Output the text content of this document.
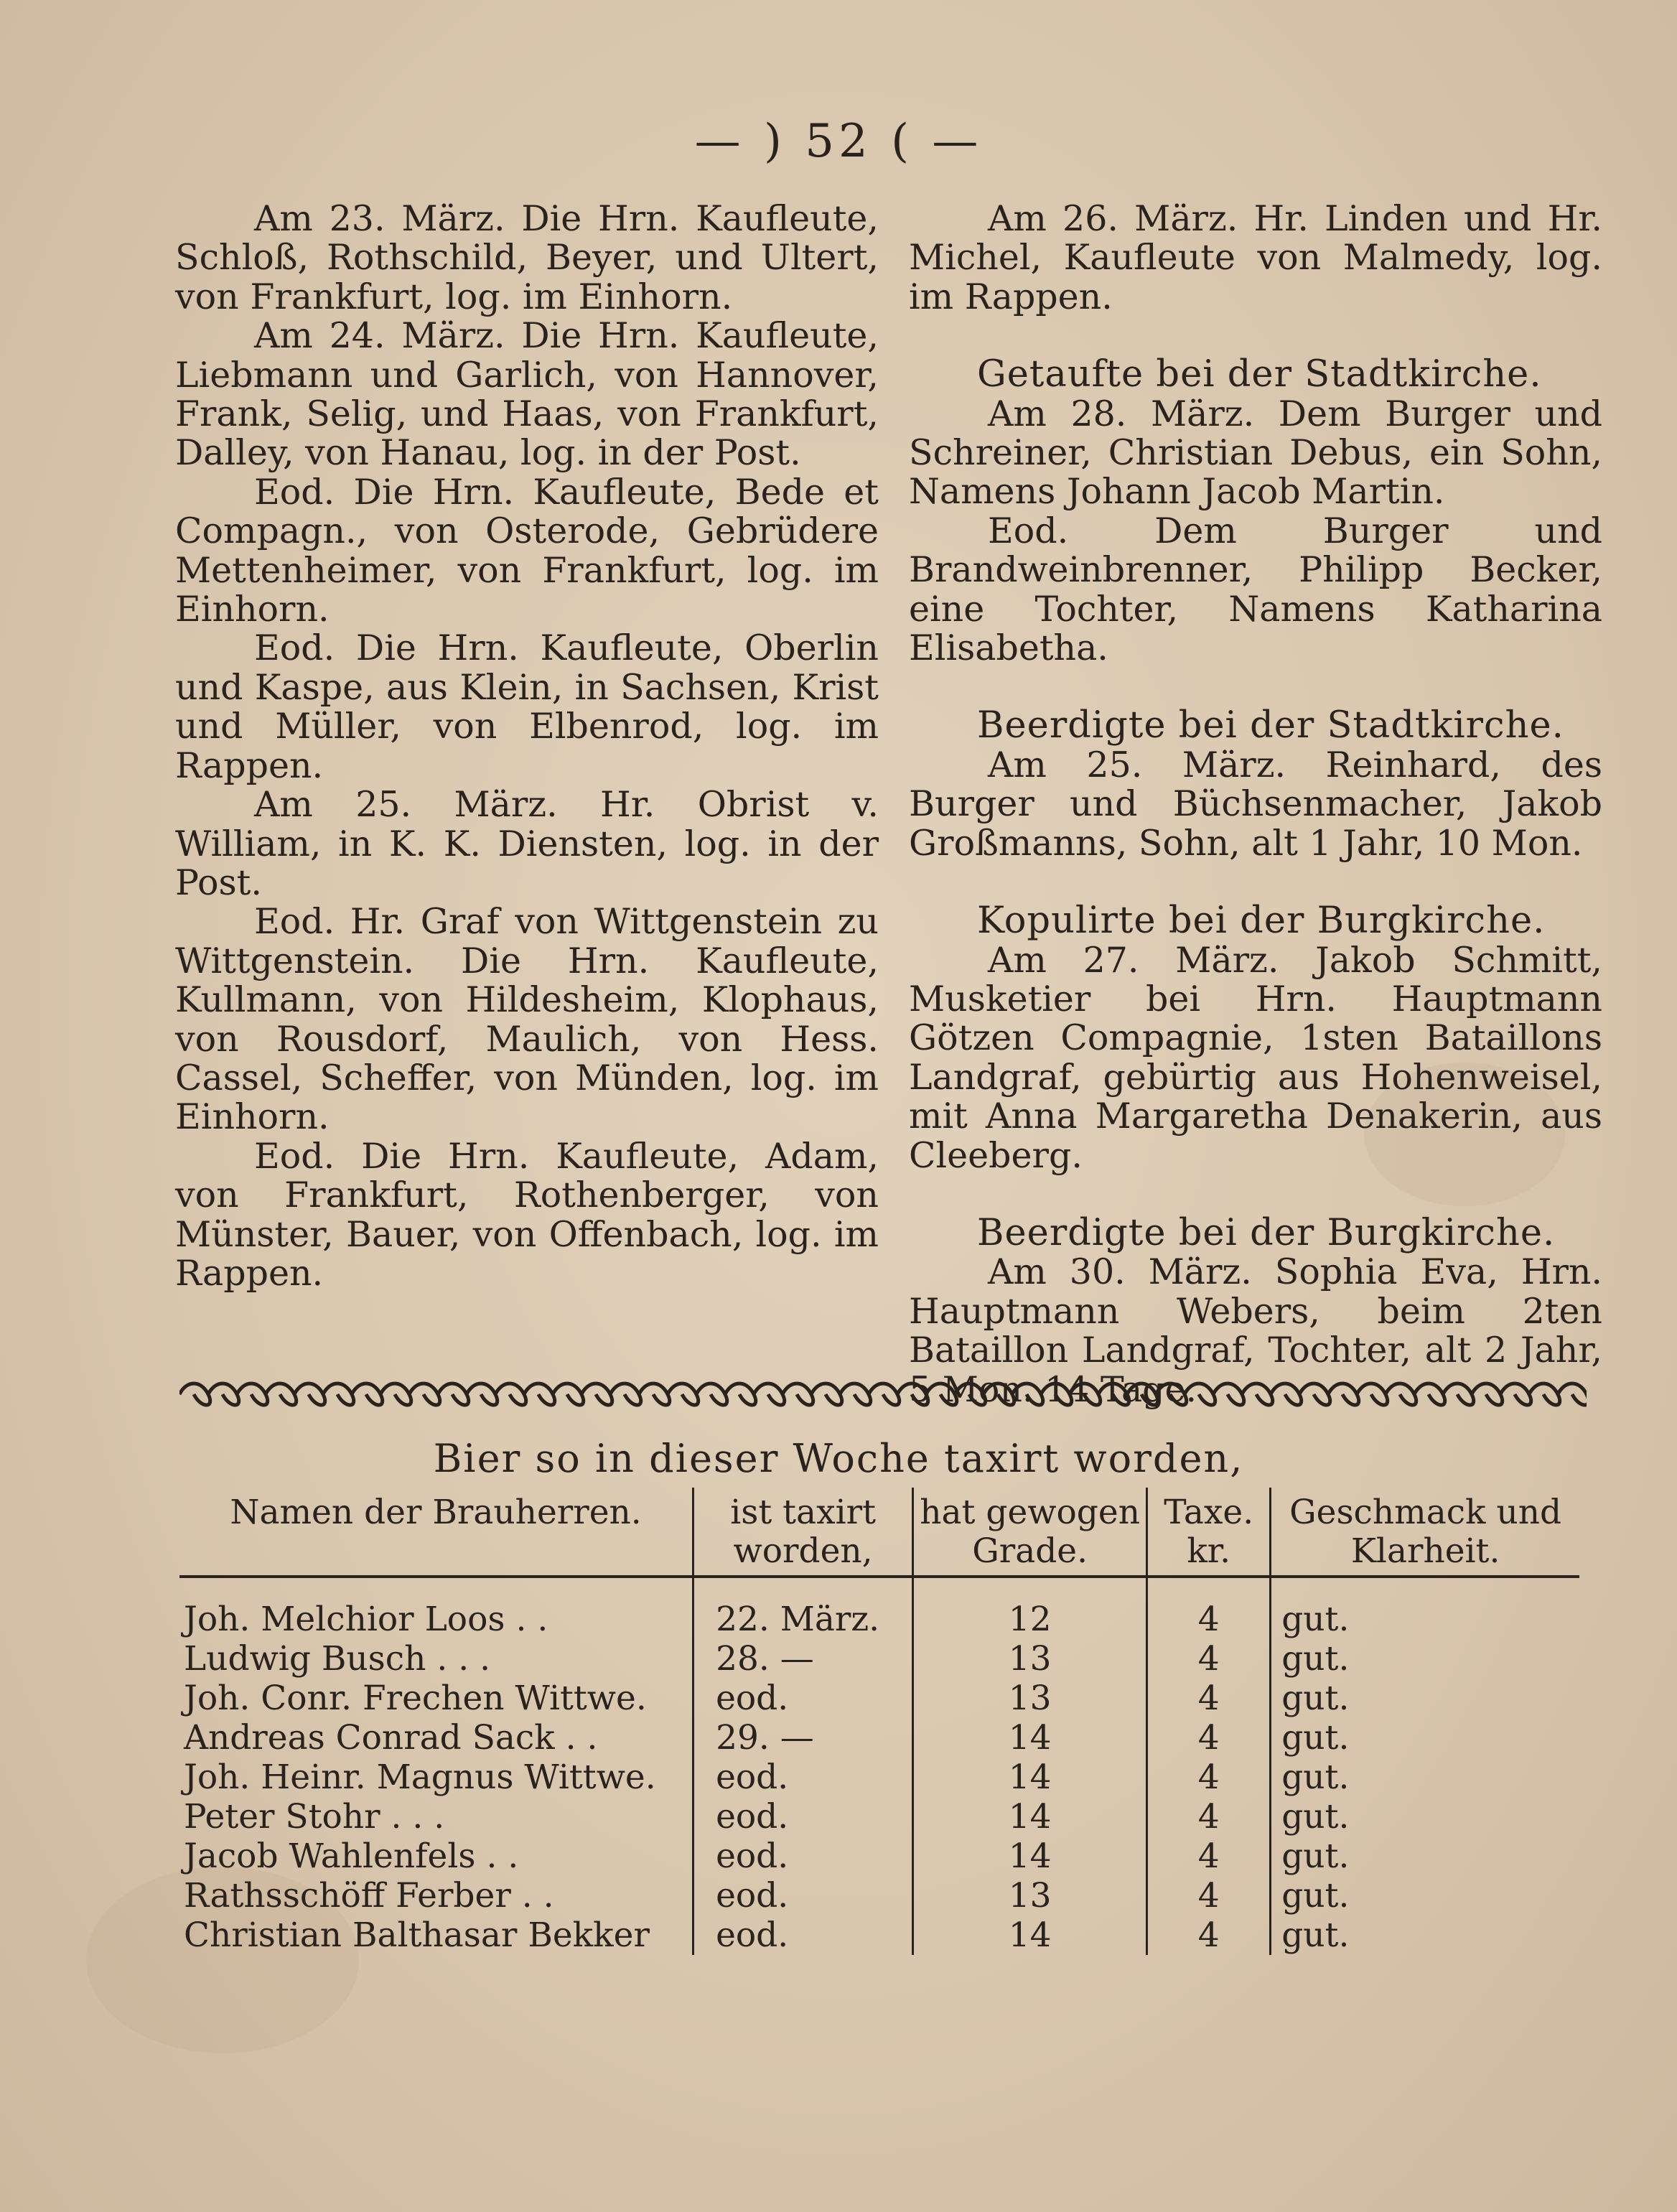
— ) 52 ( —

Am 23. März. Die Hrn. Kaufleute, Schloß, Rothschild, Beyer, und Ultert, von Frankfurt, log. im Einhorn.

Am 24. März. Die Hrn. Kaufleute, Liebmann und Garlich, von Hannover, Frank, Selig, und Haas, von Frankfurt, Dalley, von Hanau, log. in der Post.

Eod. Die Hrn. Kaufleute, Bede et Compagn., von Osterode, Gebrüdere Mettenheimer, von Frankfurt, log. im Einhorn.

Eod. Die Hrn. Kaufleute, Oberlin und Kaspe, aus Klein, in Sachsen, Krist und Müller, von Elbenrod, log. im Rappen.

Am 25. März. Hr. Obrist v. William, in K. K. Diensten, log. in der Post.

Eod. Hr. Graf von Wittgenstein zu Wittgenstein. Die Hrn. Kaufleute, Kullmann, von Hildesheim, Klophaus, von Rousdorf, Maulich, von Hess. Cassel, Scheffer, von Münden, log. im Einhorn.

Eod. Die Hrn. Kaufleute, Adam, von Frankfurt, Rothenberger, von Münster, Bauer, von Offenbach, log. im Rappen.

Am 26. März. Hr. Linden und Hr. Michel, Kaufleute von Malmedy, log. im Rappen.

Getaufte bei der Stadtkirche.

Am 28. März. Dem Burger und Schreiner, Christian Debus, ein Sohn, Namens Johann Jacob Martin.

Eod. Dem Burger und Brandweinbrenner, Philipp Becker, eine Tochter, Namens Katharina Elisabetha.

Beerdigte bei der Stadtkirche.

Am 25. März. Reinhard, des Burger und Büchsenmacher, Jakob Großmanns, Sohn, alt 1 Jahr, 10 Mon.

Kopulirte bei der Burgkirche.

Am 27. März. Jakob Schmitt, Musketier bei Hrn. Hauptmann Götzen Compagnie, 1sten Bataillons Landgraf, gebürtig aus Hohenweisel, mit Anna Margaretha Denakerin, aus Cleeberg.

Beerdigte bei der Burgkirche.

Am 30. März. Sophia Eva, Hrn. Hauptmann Webers, beim 2ten Bataillon Landgraf, Tochter, alt 2 Jahr, 5 Mon. 14 Tage.

Bier so in dieser Woche taxirt worden,
Namen der Brauherren.	ist taxirt worden,	hat gewogen Grade.	Taxe. kr.	Geschmack und Klarheit.
Joh. Melchior Loos . .	22. März.	12	4	gut.
Ludwig Busch . . .	28. —	13	4	gut.
Joh. Conr. Frechen Wittwe.	eod.	13	4	gut.
Andreas Conrad Sack . .	29. —	14	4	gut.
Joh. Heinr. Magnus Wittwe.	eod.	14	4	gut.
Peter Stohr . . .	eod.	14	4	gut.
Jacob Wahlenfels . .	eod.	14	4	gut.
Rathsschöff Ferber . .	eod.	13	4	gut.
Christian Balthasar Bekker	eod.	14	4	gut.
